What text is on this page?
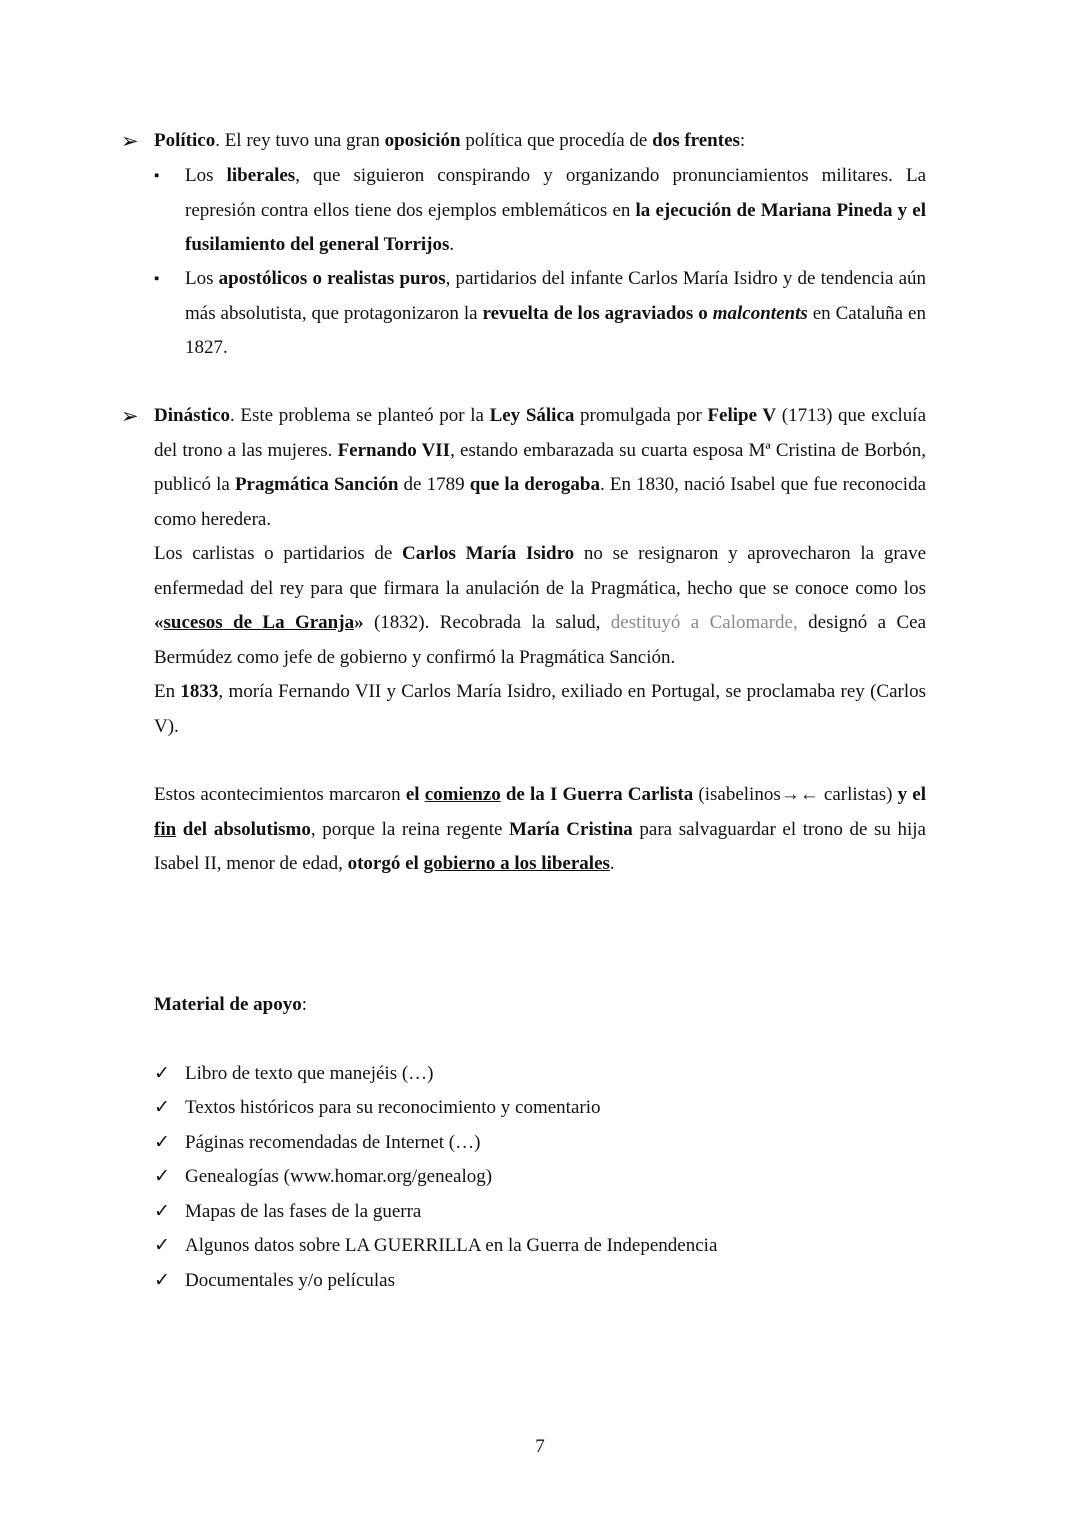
➢ Político. El rey tuvo una gran oposición política que procedía de dos frentes:
▪ Los liberales, que siguieron conspirando y organizando pronunciamientos militares. La represión contra ellos tiene dos ejemplos emblemáticos en la ejecución de Mariana Pineda y el fusilamiento del general Torrijos.
▪ Los apostólicos o realistas puros, partidarios del infante Carlos María Isidro y de tendencia aún más absolutista, que protagonizaron la revuelta de los agraviados o malcontents en Cataluña en 1827.
➢ Dinástico. Este problema se planteó por la Ley Sálica promulgada por Felipe V (1713) que excluía del trono a las mujeres. Fernando VII, estando embarazada su cuarta esposa Mª Cristina de Borbón, publicó la Pragmática Sanción de 1789 que la derogaba. En 1830, nació Isabel que fue reconocida como heredera.
Los carlistas o partidarios de Carlos María Isidro no se resignaron y aprovecharon la grave enfermedad del rey para que firmara la anulación de la Pragmática, hecho que se conoce como los «sucesos de La Granja» (1832). Recobrada la salud, destituyó a Calomarde, designó a Cea Bermúdez como jefe de gobierno y confirmó la Pragmática Sanción.
En 1833, moría Fernando VII y Carlos María Isidro, exiliado en Portugal, se proclamaba rey (Carlos V).
Estos acontecimientos marcaron el comienzo de la I Guerra Carlista (isabelinos→← carlistas) y el fin del absolutismo, porque la reina regente María Cristina para salvaguardar el trono de su hija Isabel II, menor de edad, otorgó el gobierno a los liberales.
Material de apoyo:
✓ Libro de texto que manejéis (…)
✓ Textos históricos para su reconocimiento y comentario
✓ Páginas recomendadas de Internet (…)
✓ Genealogías (www.homar.org/genealog)
✓ Mapas de las fases de la guerra
✓ Algunos datos sobre LA GUERRILLA en la Guerra de Independencia
✓ Documentales y/o películas
7
